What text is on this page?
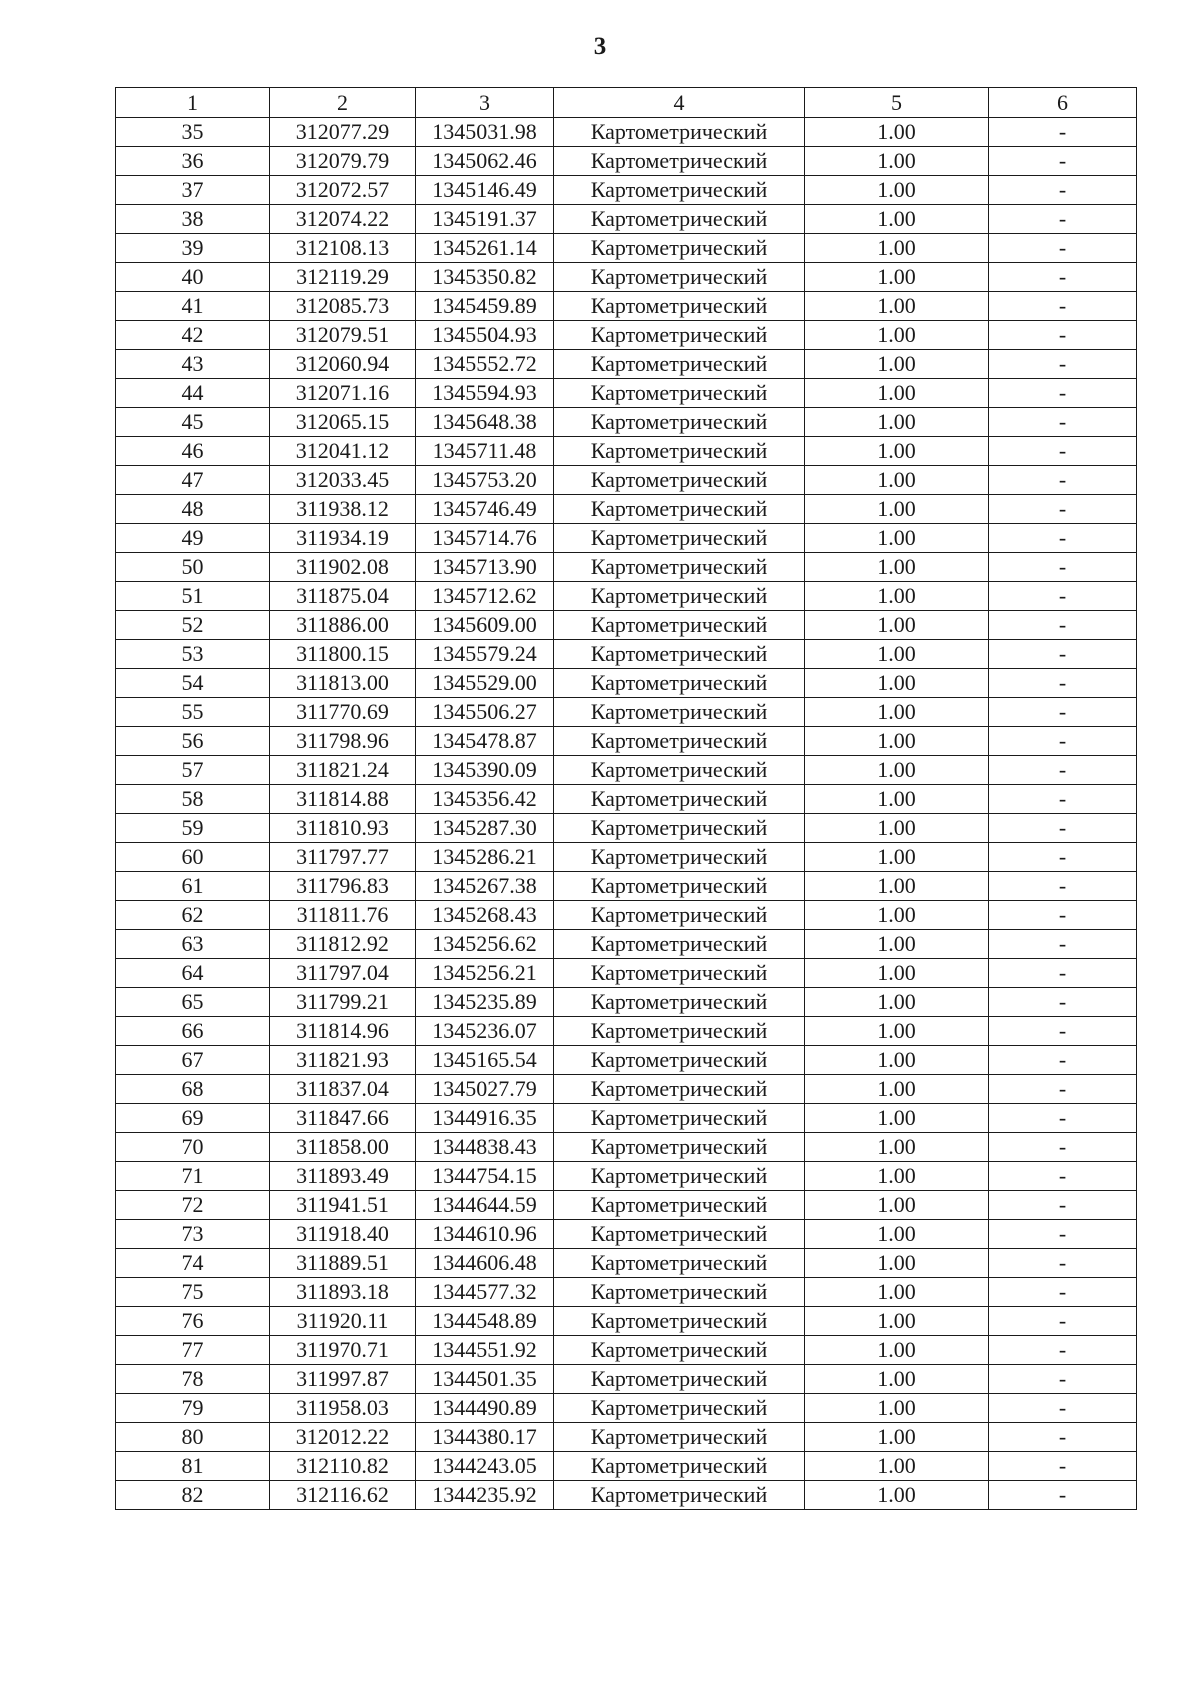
3
1	2	3	4	5	6
35	312077.29	1345031.98	Картометрический	1.00	-
36	312079.79	1345062.46	Картометрический	1.00	-
37	312072.57	1345146.49	Картометрический	1.00	-
38	312074.22	1345191.37	Картометрический	1.00	-
39	312108.13	1345261.14	Картометрический	1.00	-
40	312119.29	1345350.82	Картометрический	1.00	-
41	312085.73	1345459.89	Картометрический	1.00	-
42	312079.51	1345504.93	Картометрический	1.00	-
43	312060.94	1345552.72	Картометрический	1.00	-
44	312071.16	1345594.93	Картометрический	1.00	-
45	312065.15	1345648.38	Картометрический	1.00	-
46	312041.12	1345711.48	Картометрический	1.00	-
47	312033.45	1345753.20	Картометрический	1.00	-
48	311938.12	1345746.49	Картометрический	1.00	-
49	311934.19	1345714.76	Картометрический	1.00	-
50	311902.08	1345713.90	Картометрический	1.00	-
51	311875.04	1345712.62	Картометрический	1.00	-
52	311886.00	1345609.00	Картометрический	1.00	-
53	311800.15	1345579.24	Картометрический	1.00	-
54	311813.00	1345529.00	Картометрический	1.00	-
55	311770.69	1345506.27	Картометрический	1.00	-
56	311798.96	1345478.87	Картометрический	1.00	-
57	311821.24	1345390.09	Картометрический	1.00	-
58	311814.88	1345356.42	Картометрический	1.00	-
59	311810.93	1345287.30	Картометрический	1.00	-
60	311797.77	1345286.21	Картометрический	1.00	-
61	311796.83	1345267.38	Картометрический	1.00	-
62	311811.76	1345268.43	Картометрический	1.00	-
63	311812.92	1345256.62	Картометрический	1.00	-
64	311797.04	1345256.21	Картометрический	1.00	-
65	311799.21	1345235.89	Картометрический	1.00	-
66	311814.96	1345236.07	Картометрический	1.00	-
67	311821.93	1345165.54	Картометрический	1.00	-
68	311837.04	1345027.79	Картометрический	1.00	-
69	311847.66	1344916.35	Картометрический	1.00	-
70	311858.00	1344838.43	Картометрический	1.00	-
71	311893.49	1344754.15	Картометрический	1.00	-
72	311941.51	1344644.59	Картометрический	1.00	-
73	311918.40	1344610.96	Картометрический	1.00	-
74	311889.51	1344606.48	Картометрический	1.00	-
75	311893.18	1344577.32	Картометрический	1.00	-
76	311920.11	1344548.89	Картометрический	1.00	-
77	311970.71	1344551.92	Картометрический	1.00	-
78	311997.87	1344501.35	Картометрический	1.00	-
79	311958.03	1344490.89	Картометрический	1.00	-
80	312012.22	1344380.17	Картометрический	1.00	-
81	312110.82	1344243.05	Картометрический	1.00	-
82	312116.62	1344235.92	Картометрический	1.00	-
